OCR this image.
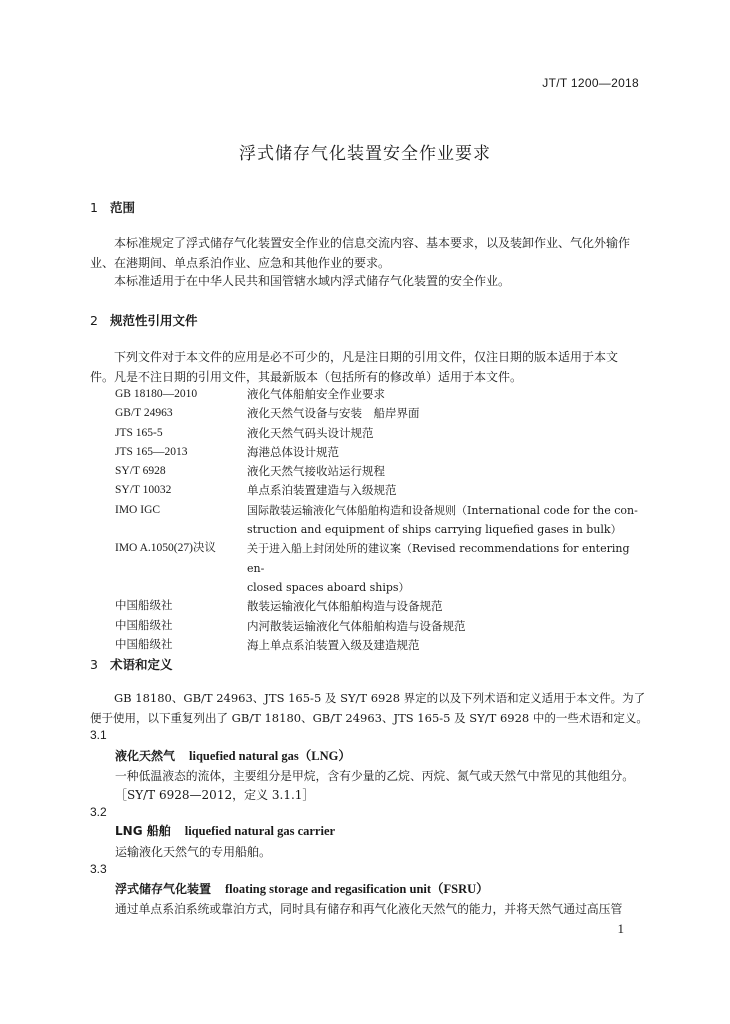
JT/T 1200—2018
浮式储存气化装置安全作业要求
1 范围
本标准规定了浮式储存气化装置安全作业的信息交流内容、基本要求，以及装卸作业、气化外输作
业、在港期间、单点系泊作业、应急和其他作业的要求。
本标准适用于在中华人民共和国管辖水域内浮式储存气化装置的安全作业。
2 规范性引用文件
下列文件对于本文件的应用是必不可少的，凡是注日期的引用文件，仅注日期的版本适用于本文
件。凡是不注日期的引用文件，其最新版本（包括所有的修改单）适用于本文件。
GB 18180—2010	液化气体船舶安全作业要求
GB/T 24963	液化天然气设备与安装　船岸界面
JTS 165-5	液化天然气码头设计规范
JTS 165—2013	海港总体设计规范
SY/T 6928	液化天然气接收站运行规程
SY/T 10032	单点系泊装置建造与入级规范
IMO IGC	国际散装运输液化气体船舶构造和设备规则（International code for the con-
struction and equipment of ships carrying liquefied gases in bulk）
IMO A.1050(27)决议	关于进入船上封闭处所的建议案（Revised recommendations for entering en-
closed spaces aboard ships）
中国船级社	散装运输液化气体船舶构造与设备规范
中国船级社	内河散装运输液化气体船舶构造与设备规范
中国船级社	海上单点系泊装置入级及建造规范
3 术语和定义
GB 18180、GB/T 24963、JTS 165-5 及 SY/T 6928 界定的以及下列术语和定义适用于本文件。为了
便于使用，以下重复列出了 GB/T 18180、GB/T 24963、JTS 165-5 及 SY/T 6928 中的一些术语和定义。
3.1
液化天然气 liquefied natural gas（LNG）
一种低温液态的流体，主要组分是甲烷，含有少量的乙烷、丙烷、氮气或天然气中常见的其他组分。
［SY/T 6928—2012，定义 3.1.1］
3.2
LNG 船舶 liquefied natural gas carrier
运输液化天然气的专用船舶。
3.3
浮式储存气化装置 floating storage and regasification unit（FSRU）
通过单点系泊系统或靠泊方式，同时具有储存和再气化液化天然气的能力，并将天然气通过高压管
1
